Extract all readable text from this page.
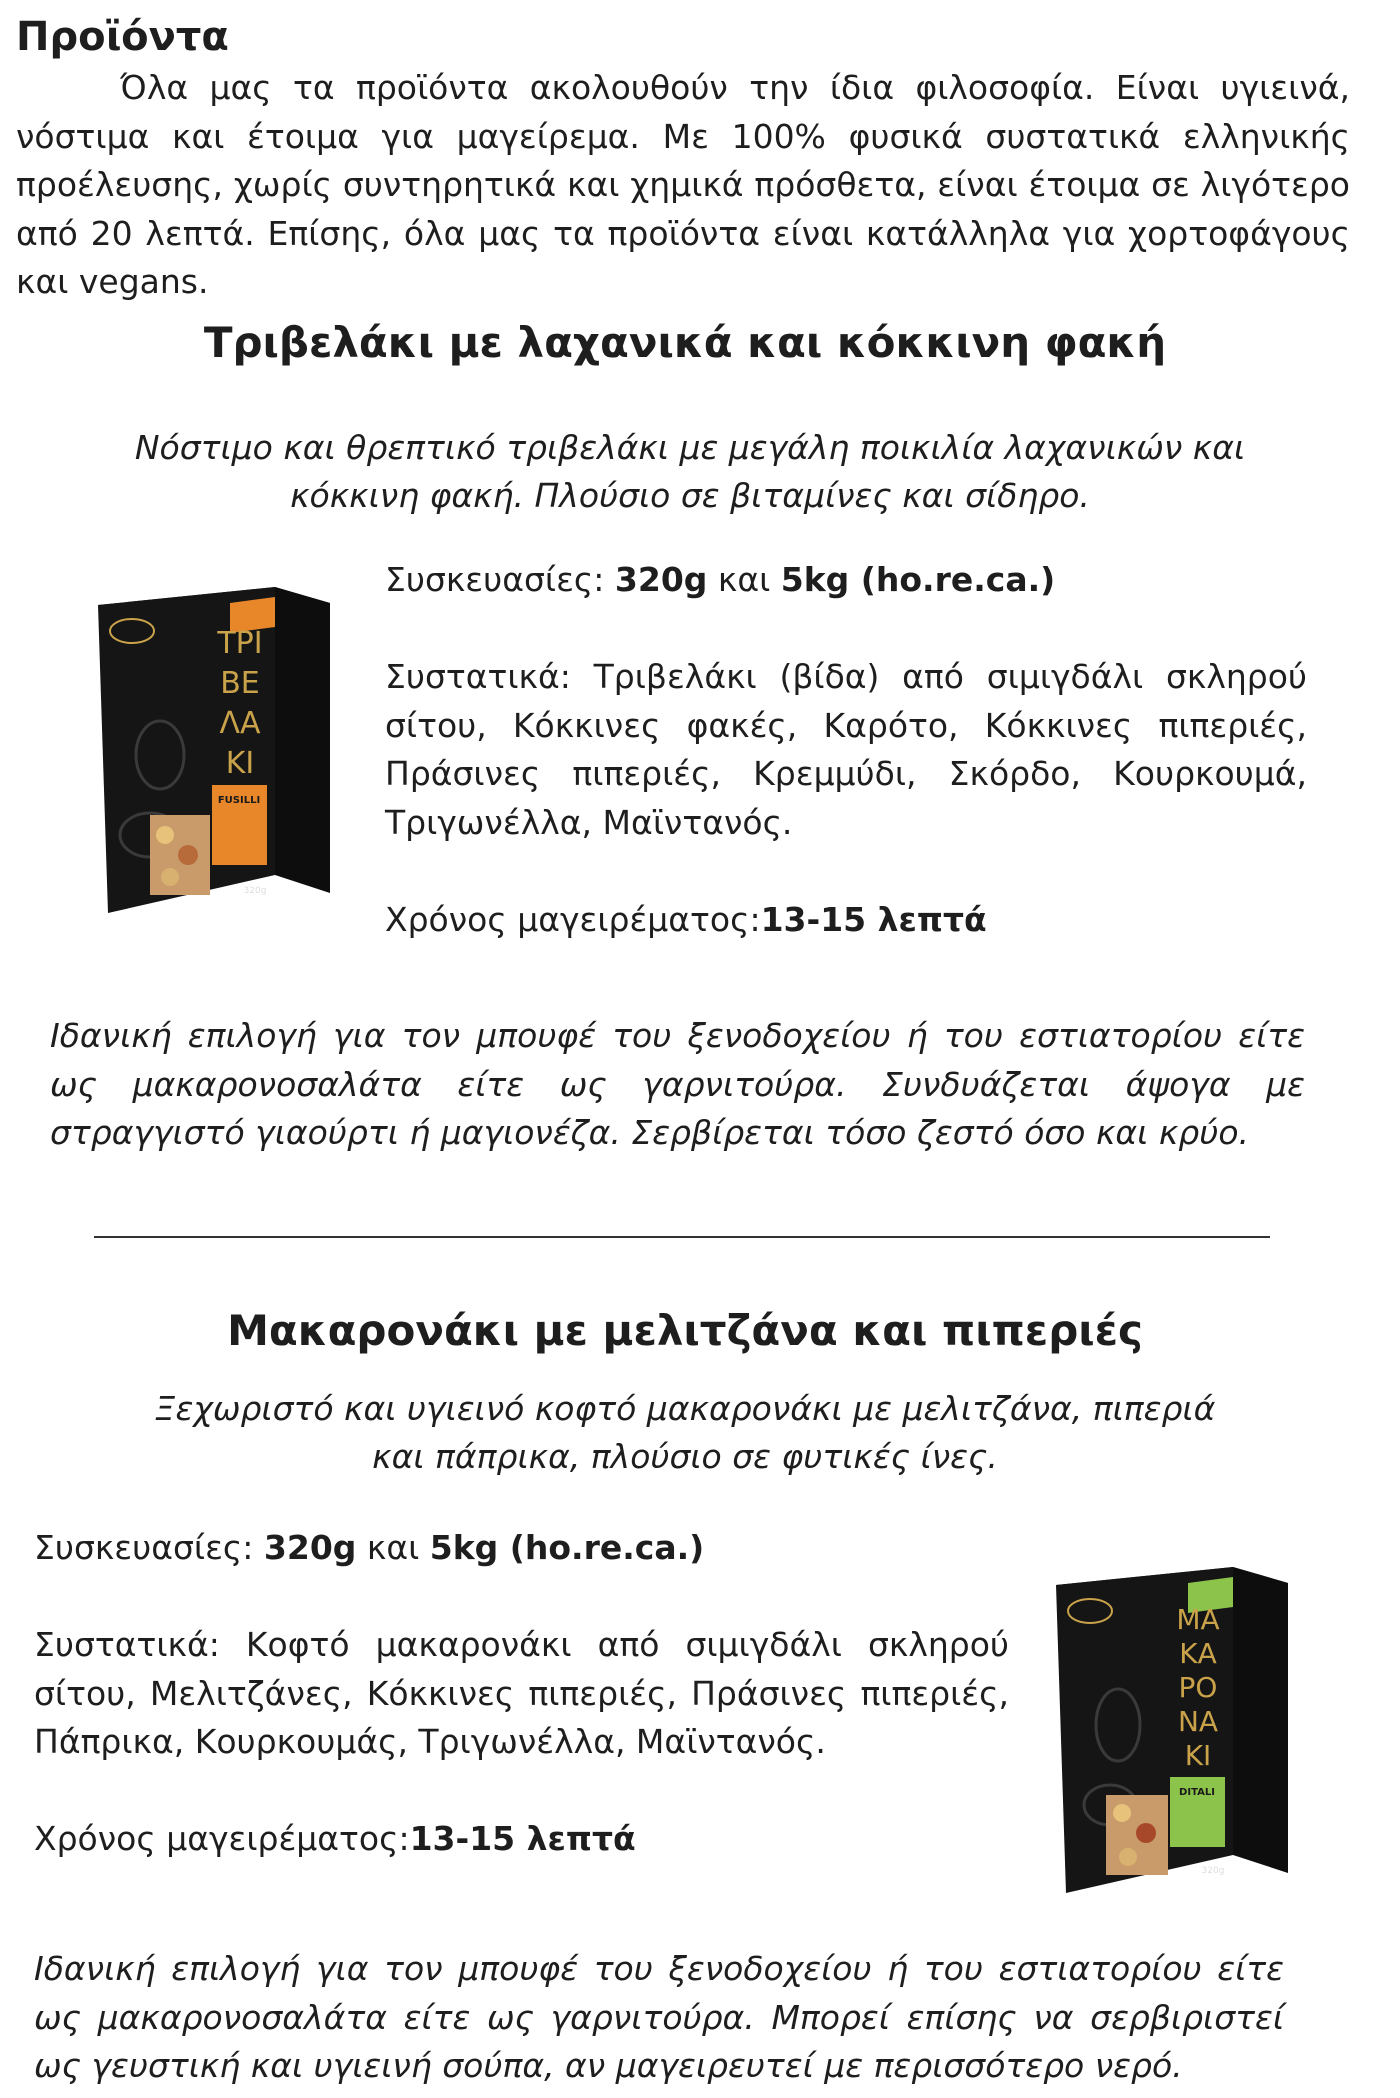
Προϊόντα
Όλα μας τα προϊόντα ακολουθούν την ίδια φιλοσοφία. Είναι υγιεινά, νόστιμα και έτοιμα για μαγείρεμα. Με 100% φυσικά συστατικά ελληνικής προέλευσης, χωρίς συντηρητικά και χημικά πρόσθετα, είναι έτοιμα σε λιγότερο από 20 λεπτά. Επίσης, όλα μας τα προϊόντα είναι κατάλληλα για χορτοφάγους και vegans.
Τριβελάκι με λαχανικά και κόκκινη φακή
Νόστιμο και θρεπτικό τριβελάκι με μεγάλη ποικιλία λαχανικών και κόκκινη φακή. Πλούσιο σε βιταμίνες και σίδηρο.
FUSILLI
320g
ΤΡΙ
ΒΕ
ΛΑ
ΚΙ

Συσκευασίες: 320g και 5kg (ho.re.ca.)

Συστατικά: Τριβελάκι (βίδα) από σιμιγδάλι σκληρού σίτου, Κόκκινες φακές, Καρότο, Κόκκινες πιπεριές, Πράσινες πιπεριές, Κρεμμύδι, Σκόρδο, Κουρκουμά, Τριγωνέλλα, Μαϊντανός.

Χρόνος μαγειρέματος:13-15 λεπτά

Ιδανική επιλογή για τον μπουφέ του ξενοδοχείου ή του εστιατορίου είτε ως μακαρονοσαλάτα είτε ως γαρνιτούρα. Συνδυάζεται άψογα με στραγγιστό γιαούρτι ή μαγιονέζα. Σερβίρεται τόσο ζεστό όσο και κρύο.
Μακαρονάκι με μελιτζάνα και πιπεριές
Ξεχωριστό και υγιεινό κοφτό μακαρονάκι με μελιτζάνα, πιπεριά και πάπρικα, πλούσιο σε φυτικές ίνες.

Συσκευασίες: 320g και 5kg (ho.re.ca.)

Συστατικά: Κοφτό μακαρονάκι από σιμιγδάλι σκληρού σίτου, Μελιτζάνες, Κόκκινες πιπεριές, Πράσινες πιπεριές, Πάπρικα, Κουρκουμάς, Τριγωνέλλα, Μαϊντανός.

Χρόνος μαγειρέματος:13-15 λεπτά

DITALI
320g
ΜΑ
ΚΑ
ΡΟ
ΝΑ
ΚΙ
Ιδανική επιλογή για τον μπουφέ του ξενοδοχείου ή του εστιατορίου είτε ως μακαρονοσαλάτα είτε ως γαρνιτούρα. Μπορεί επίσης να σερβιριστεί ως γευστική και υγιεινή σούπα, αν μαγειρευτεί με περισσότερο νερό.
